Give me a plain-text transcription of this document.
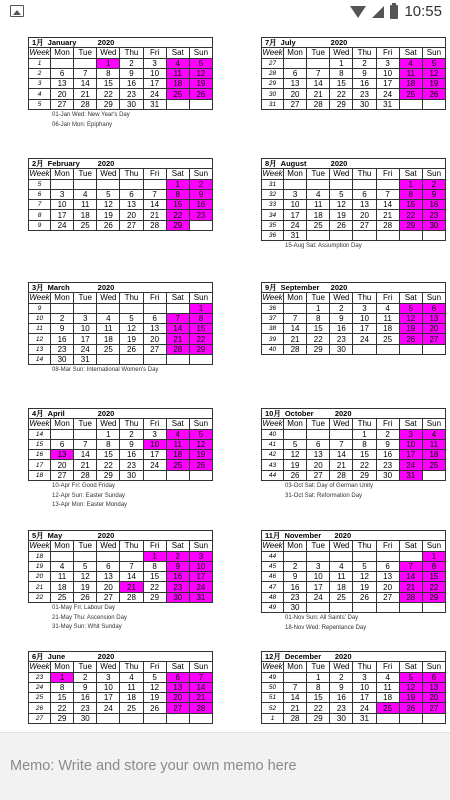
10:55
1月 January 2020							
Week	Mon	Tue	Wed	Thu	Fri	Sat	Sun
1			1	2	3	4	5
2	6	7	8	9	10	11	12
3	13	14	15	16	17	18	19
4	20	21	22	23	24	25	26
5	27	28	29	30	31		
01-Jan Wed: New Year's Day
06-Jan Mon: Epiphany
7月 July 2020							
Week	Mon	Tue	Wed	Thu	Fri	Sat	Sun
27			1	2	3	4	5
28	6	7	8	9	10	11	12
29	13	14	15	16	17	18	19
30	20	21	22	23	24	25	26
31	27	28	29	30	31		
2月 February 2020							
Week	Mon	Tue	Wed	Thu	Fri	Sat	Sun
5						1	2
6	3	4	5	6	7	8	9
7	10	11	12	13	14	15	16
8	17	18	19	20	21	22	23
9	24	25	26	27	28	29	
8月 August 2020							
Week	Mon	Tue	Wed	Thu	Fri	Sat	Sun
31						1	2
32	3	4	5	6	7	8	9
33	10	11	12	13	14	15	16
34	17	18	19	20	21	22	23
35	24	25	26	27	28	29	30
36	31						
15-Aug Sat: Assumption Day
3月 March 2020							
Week	Mon	Tue	Wed	Thu	Fri	Sat	Sun
9							1
10	2	3	4	5	6	7	8
11	9	10	11	12	13	14	15
12	16	17	18	19	20	21	22
13	23	24	25	26	27	28	29
14	30	31					
08-Mar Sun: International Women's Day
9月 September 2020							
Week	Mon	Tue	Wed	Thu	Fri	Sat	Sun
36		1	2	3	4	5	6
37	7	8	9	10	11	12	13
38	14	15	16	17	18	19	20
39	21	22	23	24	25	26	27
40	28	29	30				
4月 April 2020							
Week	Mon	Tue	Wed	Thu	Fri	Sat	Sun
14			1	2	3	4	5
15	6	7	8	9	10	11	12
16	13	14	15	16	17	18	19
17	20	21	22	23	24	25	26
18	27	28	29	30			
10-Apr Fri: Good Friday
12-Apr Sun: Easter Sunday
13-Apr Mon: Easter Monday
10月 October 2020							
Week	Mon	Tue	Wed	Thu	Fri	Sat	Sun
40				1	2	3	4
41	5	6	7	8	9	10	11
42	12	13	14	15	16	17	18
43	19	20	21	22	23	24	25
44	26	27	28	29	30	31	
03-Oct Sat: Day of German Unity
31-Oct Sat: Reformation Day
5月 May 2020							
Week	Mon	Tue	Wed	Thu	Fri	Sat	Sun
18					1	2	3
19	4	5	6	7	8	9	10
20	11	12	13	14	15	16	17
21	18	19	20	21	22	23	24
22	25	26	27	28	29	30	31
01-May Fri: Labour Day
21-May Thu: Ascension Day
31-May Sun: Whit Sunday
11月 November 2020							
Week	Mon	Tue	Wed	Thu	Fri	Sat	Sun
44							1
45	2	3	4	5	6	7	8
46	9	10	11	12	13	14	15
47	16	17	18	19	20	21	22
48	23	24	25	26	27	28	29
49	30						
01-Nov Sun: All Saints' Day
18-Nov Wed: Repentance Day
6月 June 2020							
Week	Mon	Tue	Wed	Thu	Fri	Sat	Sun
23	1	2	3	4	5	6	7
24	8	9	10	11	12	13	14
25	15	16	17	18	19	20	21
26	22	23	24	25	26	27	28
27	29	30					
12月 December 2020							
Week	Mon	Tue	Wed	Thu	Fri	Sat	Sun
49		1	2	3	4	5	6
50	7	8	9	10	11	12	13
51	14	15	16	17	18	19	20
52	21	22	23	24	25	26	27
1	28	29	30	31			
Memo: Write and store your own memo here
